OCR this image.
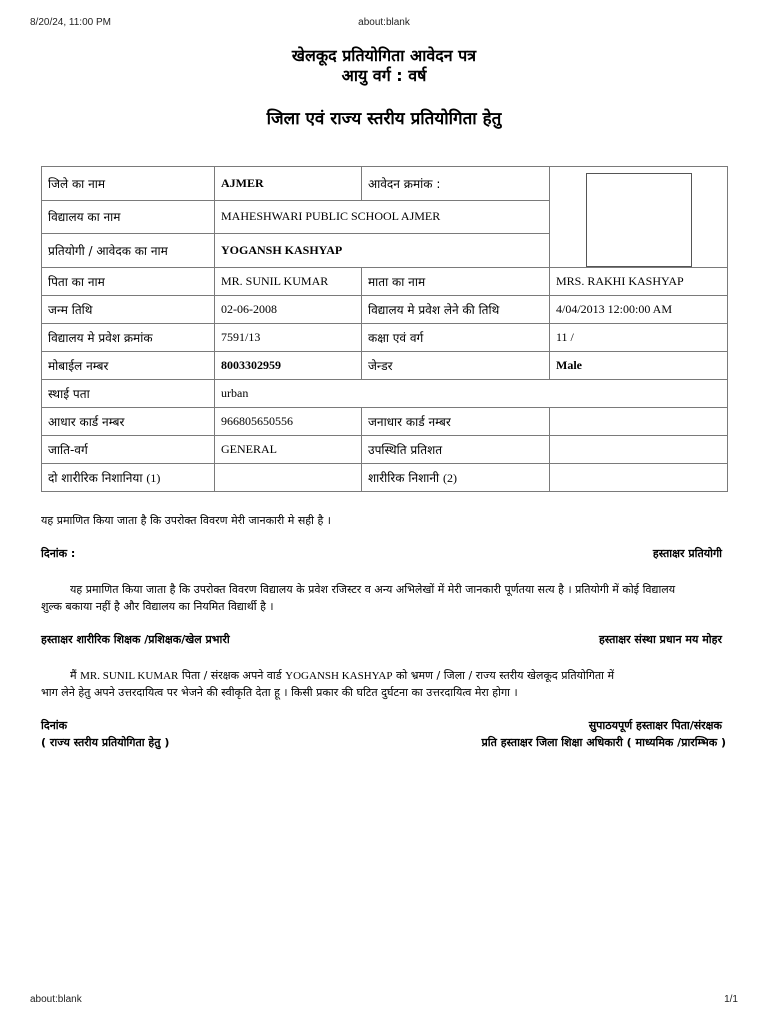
8/20/24, 11:00 PM	about:blank
खेलकूद प्रतियोगिता आवेदन पत्र
आयु वर्ग : वर्ष
जिला एवं राज्य स्तरीय प्रतियोगिता हेतु
जिले का नाम	AJMER	आवेदन क्रमांक :	

विद्यालय का नाम	MAHESHWARI PUBLIC SCHOOL AJMER		
प्रतियोगी / आवेदक का नाम	YOGANSH KASHYAP		
पिता का नाम	MR. SUNIL KUMAR	माता का नाम	MRS. RAKHI KASHYAP
जन्म तिथि	02-06-2008	विद्यालय मे प्रवेश लेने की तिथि	4/04/2013 12:00:00 AM
विद्यालय मे प्रवेश क्रमांक	7591/13	कक्षा एवं वर्ग	11 /
मोबाईल नम्बर	8003302959	जेन्डर	Male
स्थाई पता	urban		
आधार कार्ड नम्बर	966805650556	जनाधार कार्ड नम्बर	
जाति-वर्ग	GENERAL	उपस्थिति प्रतिशत	
दो शारीरिक निशानिया (1)		शारीरिक निशानी (2)	
यह प्रमाणित किया जाता है कि उपरोक्त विवरण मेरी जानकारी मे सही है ।
दिनांक :	हस्ताक्षर प्रतियोगी
यह प्रमाणित किया जाता है कि उपरोक्त विवरण विद्यालय के प्रवेश रजिस्टर व अन्य अभिलेखों में मेरी जानकारी पूर्णतया सत्य है । प्रतियोगी में कोई विद्यालय
शुल्क बकाया नहीं है और विद्यालय का नियमित विद्यार्थी है ।
हस्ताक्षर शारीरिक शिक्षक /प्रशिक्षक/खेल प्रभारी	हस्ताक्षर संस्था प्रधान मय मोहर
मैं MR. SUNIL KUMAR पिता / संरक्षक अपने वार्ड YOGANSH KASHYAP को भ्रमण / जिला / राज्य स्तरीय खेलकूद प्रतियोगिता में
भाग लेने हेतु अपने उत्तरदायित्व पर भेजने की स्वीकृति देता हू । किसी प्रकार की घटित दुर्घटना का उत्तरदायित्व मेरा होगा ।
दिनांक
( राज्य स्तरीय प्रतियोगिता हेतु )
सुपाठयपूर्ण हस्ताक्षर पिता/संरक्षक
प्रति हस्ताक्षर जिला शिक्षा अधिकारी ( माध्यमिक /प्रारम्भिक )
about:blank	1/1
